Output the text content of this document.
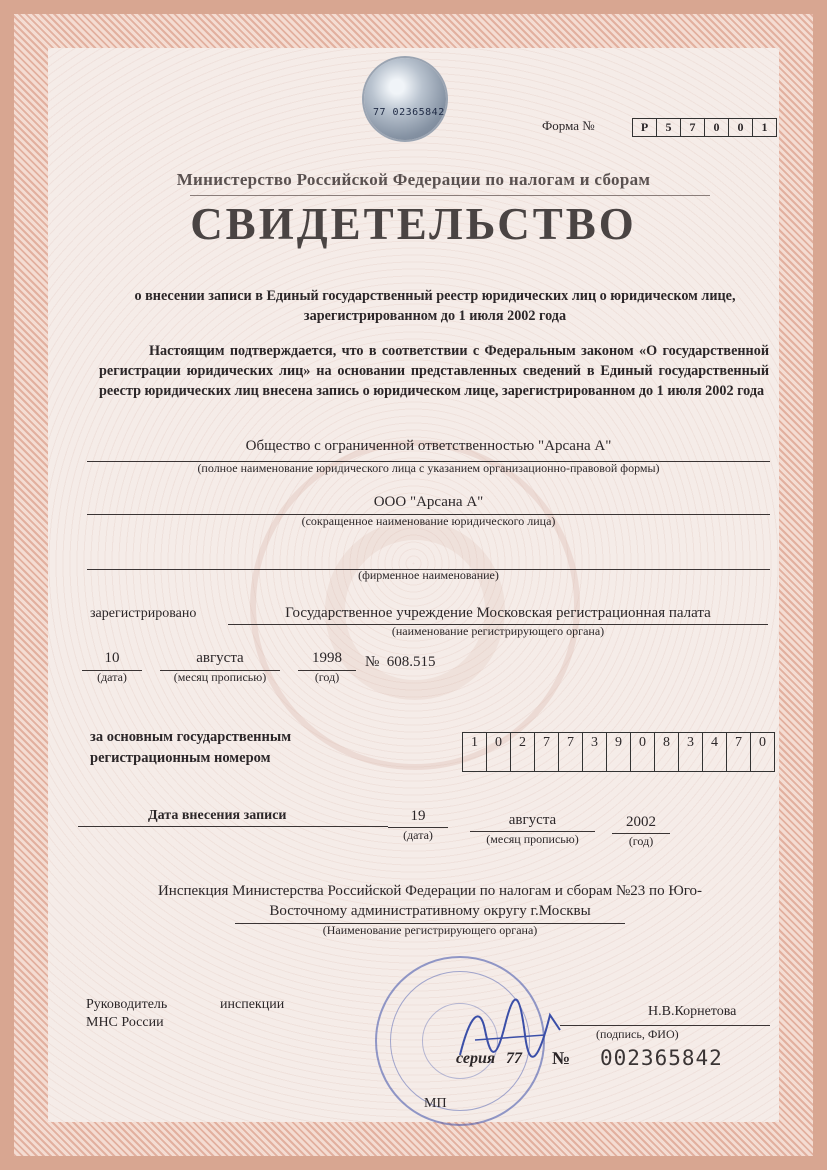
77 02365842
Форма №	Р	5	7	0	0	1
Министерство Российской Федерации по налогам и сборам
СВИДЕТЕЛЬСТВО
о внесении записи в Единый государственный реестр юридических лиц о юридическом лице, зарегистрированном до 1 июля 2002 года
Настоящим подтверждается, что в соответствии с Федеральным законом «О государственной регистрации юридических лиц» на основании представленных сведений в Единый государственный реестр юридических лиц внесена запись о юридическом лице, зарегистрированном до 1 июля 2002 года
Общество с ограниченной ответственностью "Арсана А"
(полное наименование юридического лица с указанием организационно-правовой формы)
ООО "Арсана А"
(сокращенное наименование юридического лица)
(фирменное наименование)
зарегистрировано	Государственное учреждение Московская регистрационная палата
(наименование регистрирующего органа)
10
(дата)
августа
(месяц прописью)
1998
(год)
№  608.515
за основным государственным
регистрационным номером
1	0	2	7	7	3	9	0	8	3	4	7	0
Дата внесения записи	19
(дата)
августа
(месяц прописью)
2002
(год)
Инспекция Министерства Российской Федерации по налогам и сборам №23 по Юго-
Восточному административному округу г.Москвы
(Наименование регистрирующего органа)
Руководитель	инспекции
МНС России
Н.В.Корнетова
(подпись, ФИО)
серия 77 № 002365842
МП
